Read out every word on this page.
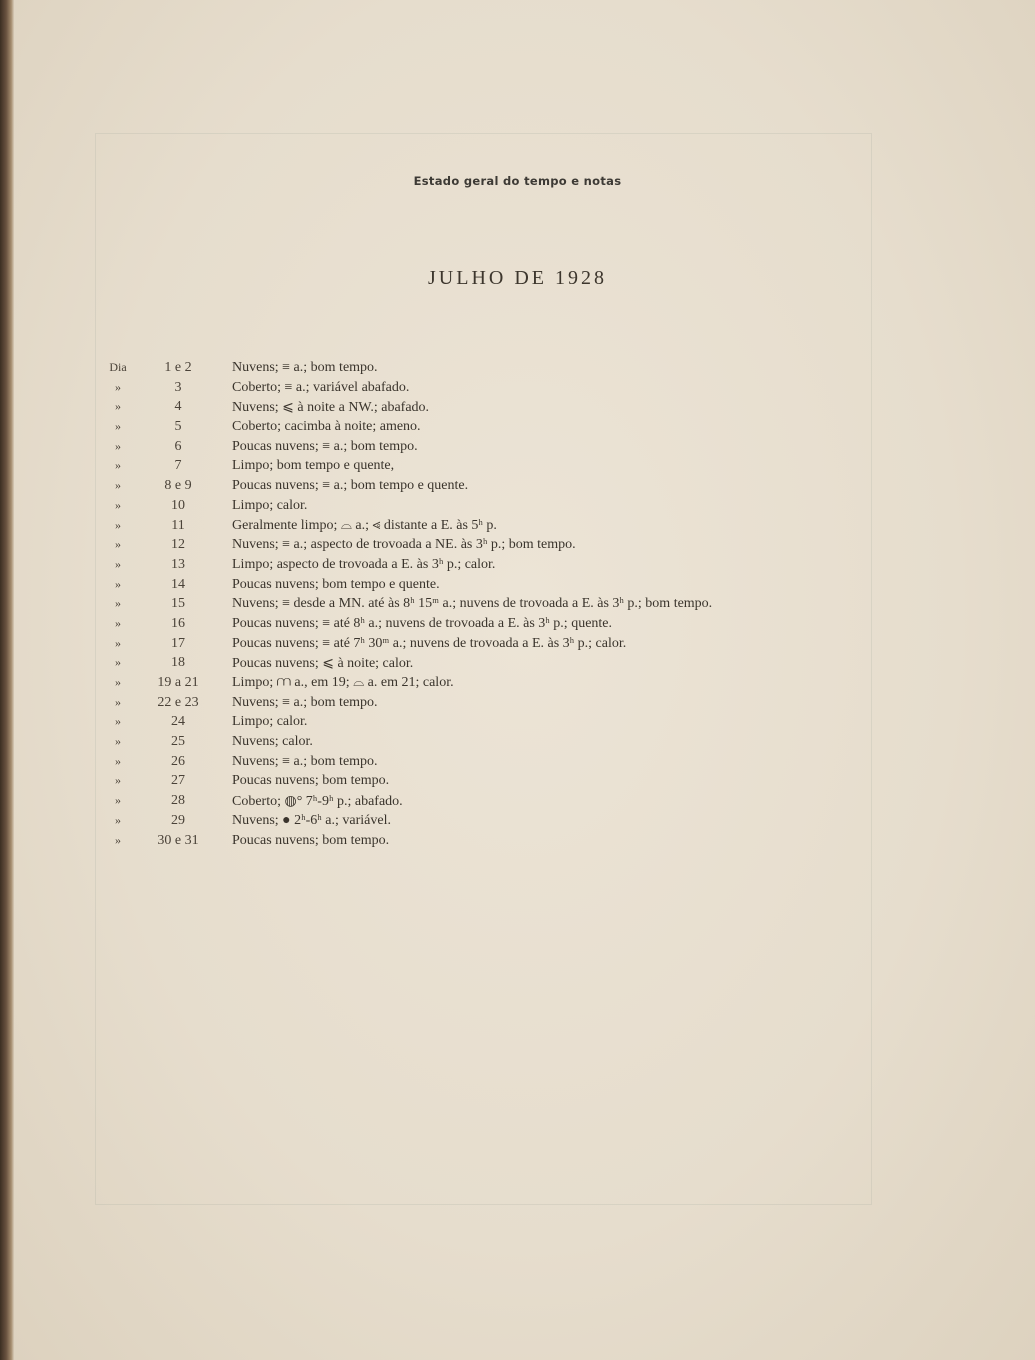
Estado geral do tempo e notas
JULHO DE 1928
Dia	1 e 2	Nuvens; ≡ a.; bom tempo.
»	3	Coberto; ≡ a.; variável abafado.
»	4	Nuvens; ⩽ à noite a NW.; abafado.
»	5	Coberto; cacimba à noite; ameno.
»	6	Poucas nuvens; ≡ a.; bom tempo.
»	7	Limpo; bom tempo e quente,
»	8 e 9	Poucas nuvens; ≡ a.; bom tempo e quente.
»	10	Limpo; calor.
»	11	Geralmente limpo; ⌓ a.; ⩹ distante a E. às 5ʰ p.
»	12	Nuvens; ≡ a.; aspecto de trovoada a NE. às 3ʰ p.; bom tempo.
»	13	Limpo; aspecto de trovoada a E. às 3ʰ p.; calor.
»	14	Poucas nuvens; bom tempo e quente.
»	15	Nuvens; ≡ desde a MN. até às 8ʰ 15ᵐ a.; nuvens de trovoada a E. às 3ʰ p.; bom tempo.
»	16	Poucas nuvens; ≡ até 8ʰ a.; nuvens de trovoada a E. às 3ʰ p.; quente.
»	17	Poucas nuvens; ≡ até 7ʰ 30ᵐ a.; nuvens de trovoada a E. às 3ʰ p.; calor.
»	18	Poucas nuvens; ⩽ à noite; calor.
»	19 a 21	Limpo; ⩋ a., em 19; ⌓ a. em 21; calor.
»	22 e 23	Nuvens; ≡ a.; bom tempo.
»	24	Limpo; calor.
»	25	Nuvens; calor.
»	26	Nuvens; ≡ a.; bom tempo.
»	27	Poucas nuvens; bom tempo.
»	28	Coberto; ◍° 7ʰ-9ʰ p.; abafado.
»	29	Nuvens; ● 2ʰ-6ʰ a.; variável.
»	30 e 31	Poucas nuvens; bom tempo.
